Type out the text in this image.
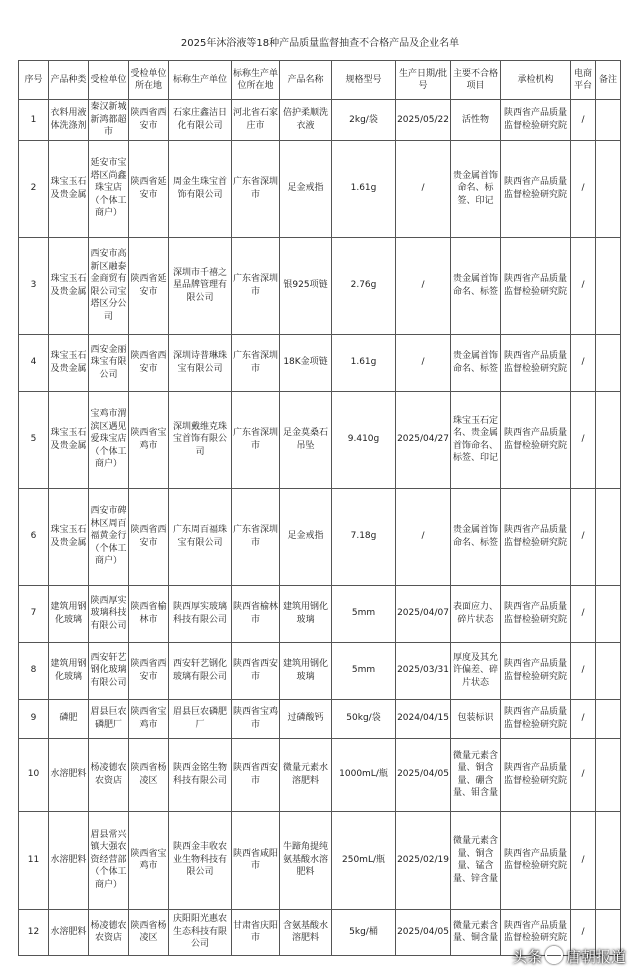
2025年沐浴液等18种产品质量监督抽查不合格产品及企业名单
序号	产品种类	受检单位	受检单位所在地	标称生产单位	标称生产单位所在地	产品名称	规格型号	生产日期/批号	主要不合格项目	承检机构	电商平台	备注
1	衣料用液体洗涤剂	秦汉新城新鸿都超市	陕西省西安市	石家庄鑫洁日化有限公司	河北省石家庄市	倍护柔顺洗衣液	2kg/袋	2025/05/22	活性物	陕西省产品质量监督检验研究院	/	
2	珠宝玉石及贵金属	延安市宝塔区尚鑫珠宝店（个体工商户）	陕西省延安市	周金生珠宝首饰有限公司	广东省深圳市	足金戒指	1.61g	/	贵金属首饰命名、标签、印记	陕西省产品质量监督检验研究院	/	
3	珠宝玉石及贵金属	西安市高新区融泰金商贸有限公司宝塔区分公司	陕西省延安市	深圳市千禧之星品牌管理有限公司	广东省深圳市	银925项链	2.76g	/	贵金属首饰命名、标签	陕西省产品质量监督检验研究院	/	
4	珠宝玉石及贵金属	西安金丽珠宝有限公司	陕西省西安市	深圳诗普琳珠宝有限公司	广东省深圳市	18K金项链	1.61g	/	贵金属首饰命名、标签	陕西省产品质量监督检验研究院	/	
5	珠宝玉石及贵金属	宝鸡市渭滨区遇见爱珠宝店（个体工商户）	陕西省宝鸡市	深圳戴维克珠宝首饰有限公司	广东省深圳市	足金莫桑石吊坠	9.410g	2025/04/27	珠宝玉石定名、贵金属首饰命名、标签、印记	陕西省产品质量监督检验研究院	/	
6	珠宝玉石及贵金属	西安市碑林区周百福黄金行（个体工商户）	陕西省西安市	广东周百福珠宝有限公司	广东省深圳市	足金戒指	7.18g	/	贵金属首饰命名、标签	陕西省产品质量监督检验研究院	/	
7	建筑用钢化玻璃	陕西厚实玻璃科技有限公司	陕西省榆林市	陕西厚实玻璃科技有限公司	陕西省榆林市	建筑用钢化玻璃	5mm	2025/04/07	表面应力、碎片状态	陕西省产品质量监督检验研究院	/	
8	建筑用钢化玻璃	西安轩艺钢化玻璃有限公司	陕西省西安市	西安轩艺钢化玻璃有限公司	陕西省西安市	建筑用钢化玻璃	5mm	2025/03/31	厚度及其允许偏差、碎片状态	陕西省产品质量监督检验研究院	/	
9	磷肥	眉县巨农磷肥厂	陕西省宝鸡市	眉县巨农磷肥厂	陕西省宝鸡市	过磷酸钙	50kg/袋	2024/04/15	包装标识	陕西省产品质量监督检验研究院	/	
10	水溶肥料	杨凌德农农资店	陕西省杨凌区	陕西金铭生物科技有限公司	陕西省西安市	微量元素水溶肥料	1000mL/瓶	2025/04/05	微量元素含量、铜含量、硼含量、钼含量	陕西省产品质量监督检验研究院	/	
11	水溶肥料	眉县常兴镇大强农资经营部（个体工商户）	陕西省宝鸡市	陕西金丰收农业生物科技有限公司	陕西省咸阳市	牛蹄角提纯氨基酸水溶肥料	250mL/瓶	2025/02/19	微量元素含量、铜含量、锰含量、锌含量	陕西省产品质量监督检验研究院	/	
12	水溶肥料	杨凌德农农资店	陕西省杨凌区	庆阳阳光惠农生态科技有限公司	甘肃省庆阳市	含氨基酸水溶肥料	5kg/桶	2025/04/05	微量元素含量、铜含量	陕西省产品质量监督检验研究院	/	
头条 唐朝报道
